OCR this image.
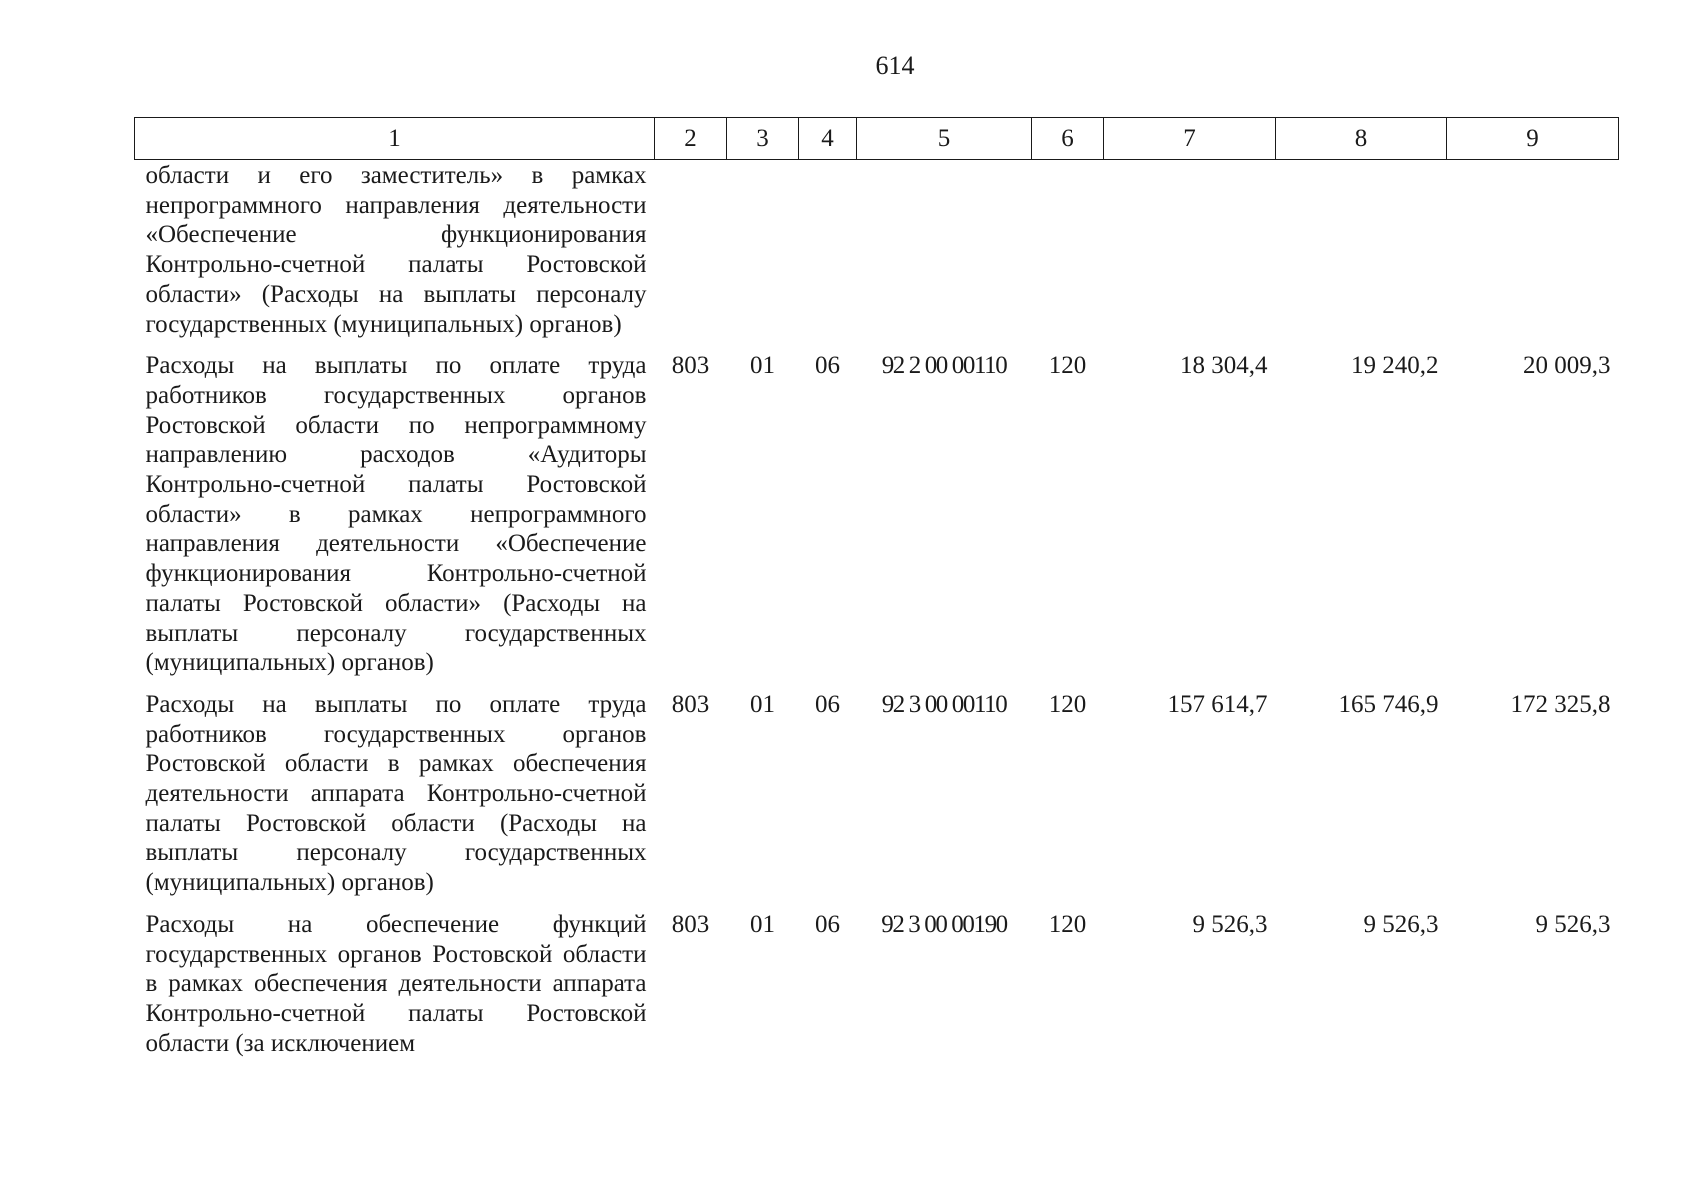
614
1	2	3	4	5	6	7	8	9
области и его заместитель» в рамках непрограммного направления деятельности «Обеспечение функционирования Контрольно-счетной палаты Ростовской области» (Расходы на выплаты персоналу государственных (муниципальных) органов)								
Расходы на выплаты по оплате труда работников государственных органов Ростовской области по непрограммному направлению расходов «Аудиторы Контрольно-счетной палаты Ростовской области» в рамках непрограммного направления деятельности «Обеспечение функционирования Контрольно-счетной палаты Ростовской области» (Расходы на выплаты персоналу государственных (муниципальных) органов)	803	01	06	92 2 00 00110	120	18 304,4	19 240,2	20 009,3
Расходы на выплаты по оплате труда работников государственных органов Ростовской области в рамках обеспечения деятельности аппарата Контрольно-счетной палаты Ростовской области (Расходы на выплаты персоналу государственных (муниципальных) органов)	803	01	06	92 3 00 00110	120	157 614,7	165 746,9	172 325,8
Расходы на обеспечение функций государственных органов Ростовской области в рамках обеспечения деятельности аппарата Контрольно-счетной палаты Ростовской области (за исключением	803	01	06	92 3 00 00190	120	9 526,3	9 526,3	9 526,3
